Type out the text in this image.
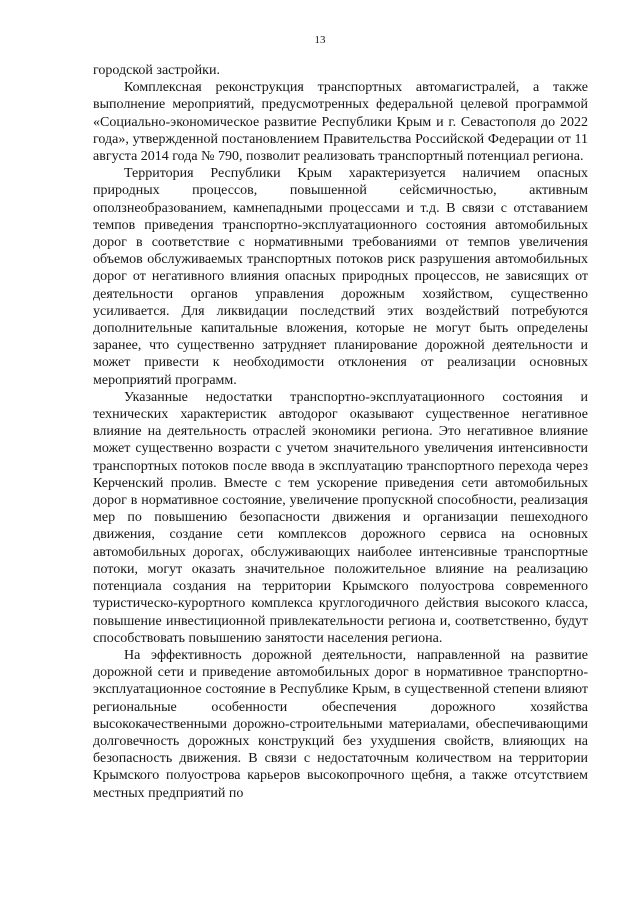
13

городской застройки.

Комплексная реконструкция транспортных автомагистралей, а также выполнение мероприятий, предусмотренных федеральной целевой программой «Социально-экономическое развитие Республики Крым и г. Севастополя до 2022 года», утвержденной постановлением Правительства Российской Федерации от 11 августа 2014 года № 790, позволит реализовать транспортный потенциал региона.

Территория Республики Крым характеризуется наличием опасных природных процессов, повышенной сейсмичностью, активным оползнеобразованием, камнепадными процессами и т.д. В связи с отставанием темпов приведения транспортно-эксплуатационного состояния автомобильных дорог в соответствие с нормативными требованиями от темпов увеличения объемов обслуживаемых транспортных потоков риск разрушения автомобильных дорог от негативного влияния опасных природных процессов, не зависящих от деятельности органов управления дорожным хозяйством, существенно усиливается. Для ликвидации последствий этих воздействий потребуются дополнительные капитальные вложения, которые не могут быть определены заранее, что существенно затрудняет планирование дорожной деятельности и может привести к необходимости отклонения от реализации основных мероприятий программ.

Указанные недостатки транспортно-эксплуатационного состояния и технических характеристик автодорог оказывают существенное негативное влияние на деятельность отраслей экономики региона. Это негативное влияние может существенно возрасти с учетом значительного увеличения интенсивности транспортных потоков после ввода в эксплуатацию транспортного перехода через Керченский пролив. Вместе с тем ускорение приведения сети автомобильных дорог в нормативное состояние, увеличение пропускной способности, реализация мер по повышению безопасности движения и организации пешеходного движения, создание сети комплексов дорожного сервиса на основных автомобильных дорогах, обслуживающих наиболее интенсивные транспортные потоки, могут оказать значительное положительное влияние на реализацию потенциала создания на территории Крымского полуострова современного туристическо-курортного комплекса круглогодичного действия высокого класса, повышение инвестиционной привлекательности региона и, соответственно, будут способствовать повышению занятости населения региона.

На эффективность дорожной деятельности, направленной на развитие дорожной сети и приведение автомобильных дорог в нормативное транспортно-эксплуатационное состояние в Республике Крым, в существенной степени влияют региональные особенности обеспечения дорожного хозяйства высококачественными дорожно-строительными материалами, обеспечивающими долговечность дорожных конструкций без ухудшения свойств, влияющих на безопасность движения. В связи с недостаточным количеством на территории Крымского полуострова карьеров высокопрочного щебня, а также отсутствием местных предприятий по
